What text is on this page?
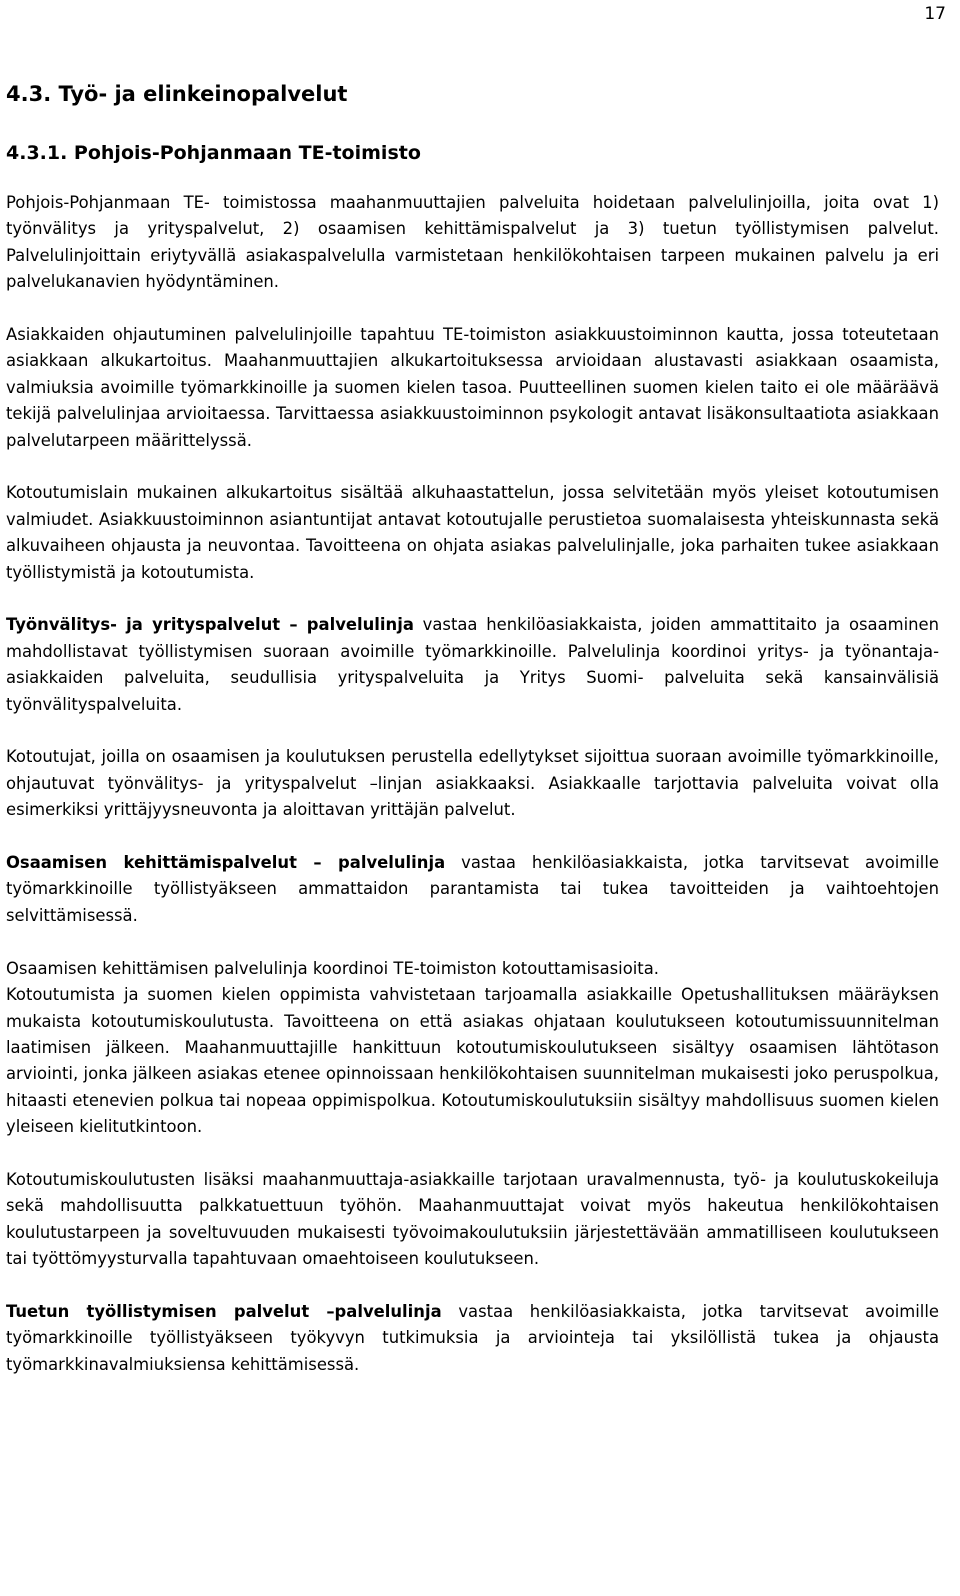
17
4.3. Työ- ja elinkeinopalvelut
4.3.1. Pohjois-Pohjanmaan TE-toimisto

Pohjois-Pohjanmaan TE- toimistossa maahanmuuttajien palveluita hoidetaan palvelulinjoilla, joita ovat 1) työnvälitys ja yrityspalvelut, 2) osaamisen kehittämispalvelut ja 3) tuetun työllistymisen palvelut. Palvelulinjoittain eriytyvällä asiakaspalvelulla varmistetaan henkilökohtaisen tarpeen mukainen palvelu ja eri palvelukanavien hyödyntäminen.

Asiakkaiden ohjautuminen palvelulinjoille tapahtuu TE-toimiston asiakkuustoiminnon kautta, jossa toteutetaan asiakkaan alkukartoitus. Maahanmuuttajien alkukartoituksessa arvioidaan alustavasti asiakkaan osaamista, valmiuksia avoimille työmarkkinoille ja suomen kielen tasoa. Puutteellinen suomen kielen taito ei ole määräävä tekijä palvelulinjaa arvioitaessa. Tarvittaessa asiakkuustoiminnon psykologit antavat lisäkonsultaatiota asiakkaan palvelutarpeen määrittelyssä.

Kotoutumislain mukainen alkukartoitus sisältää alkuhaastattelun, jossa selvitetään myös yleiset kotoutumisen valmiudet. Asiakkuustoiminnon asiantuntijat antavat kotoutujalle perustietoa suomalaisesta yhteiskunnasta sekä alkuvaiheen ohjausta ja neuvontaa. Tavoitteena on ohjata asiakas palvelulinjalle, joka parhaiten tukee asiakkaan työllistymistä ja kotoutumista.

Työnvälitys- ja yrityspalvelut – palvelulinja vastaa henkilöasiakkaista, joiden ammattitaito ja osaaminen mahdollistavat työllistymisen suoraan avoimille työmarkkinoille. Palvelulinja koordinoi yritys- ja työnantaja-asiakkaiden palveluita, seudullisia yrityspalveluita ja Yritys Suomi- palveluita sekä kansainvälisiä työnvälityspalveluita.

Kotoutujat, joilla on osaamisen ja koulutuksen perustella edellytykset sijoittua suoraan avoimille työmarkkinoille, ohjautuvat työnvälitys- ja yrityspalvelut –linjan asiakkaaksi. Asiakkaalle tarjottavia palveluita voivat olla esimerkiksi yrittäjyysneuvonta ja aloittavan yrittäjän palvelut.

Osaamisen kehittämispalvelut – palvelulinja vastaa henkilöasiakkaista, jotka tarvitsevat avoimille työmarkkinoille työllistyäkseen ammattaidon parantamista tai tukea tavoitteiden ja vaihtoehtojen selvittämisessä.

Osaamisen kehittämisen palvelulinja koordinoi TE-toimiston kotouttamisasioita.

Kotoutumista ja suomen kielen oppimista vahvistetaan tarjoamalla asiakkaille Opetushallituksen määräyksen mukaista kotoutumiskoulutusta. Tavoitteena on että asiakas ohjataan koulutukseen kotoutumissuunnitelman laatimisen jälkeen. Maahanmuuttajille hankittuun kotoutumiskoulutukseen sisältyy osaamisen lähtötason arviointi, jonka jälkeen asiakas etenee opinnoissaan henkilökohtaisen suunnitelman mukaisesti joko peruspolkua, hitaasti etenevien polkua tai nopeaa oppimispolkua. Kotoutumiskoulutuksiin sisältyy mahdollisuus suomen kielen yleiseen kielitutkintoon.

Kotoutumiskoulutusten lisäksi maahanmuuttaja-asiakkaille tarjotaan uravalmennusta, työ- ja koulutuskokeiluja sekä mahdollisuutta palkkatuettuun työhön. Maahanmuuttajat voivat myös hakeutua henkilökohtaisen koulutustarpeen ja soveltuvuuden mukaisesti työvoimakoulutuksiin järjestettävään ammatilliseen koulutukseen tai työttömyysturvalla tapahtuvaan omaehtoiseen koulutukseen.

Tuetun työllistymisen palvelut –palvelulinja vastaa henkilöasiakkaista, jotka tarvitsevat avoimille työmarkkinoille työllistyäkseen työkyvyn tutkimuksia ja arviointeja tai yksilöllistä tukea ja ohjausta työmarkkinavalmiuksiensa kehittämisessä.
